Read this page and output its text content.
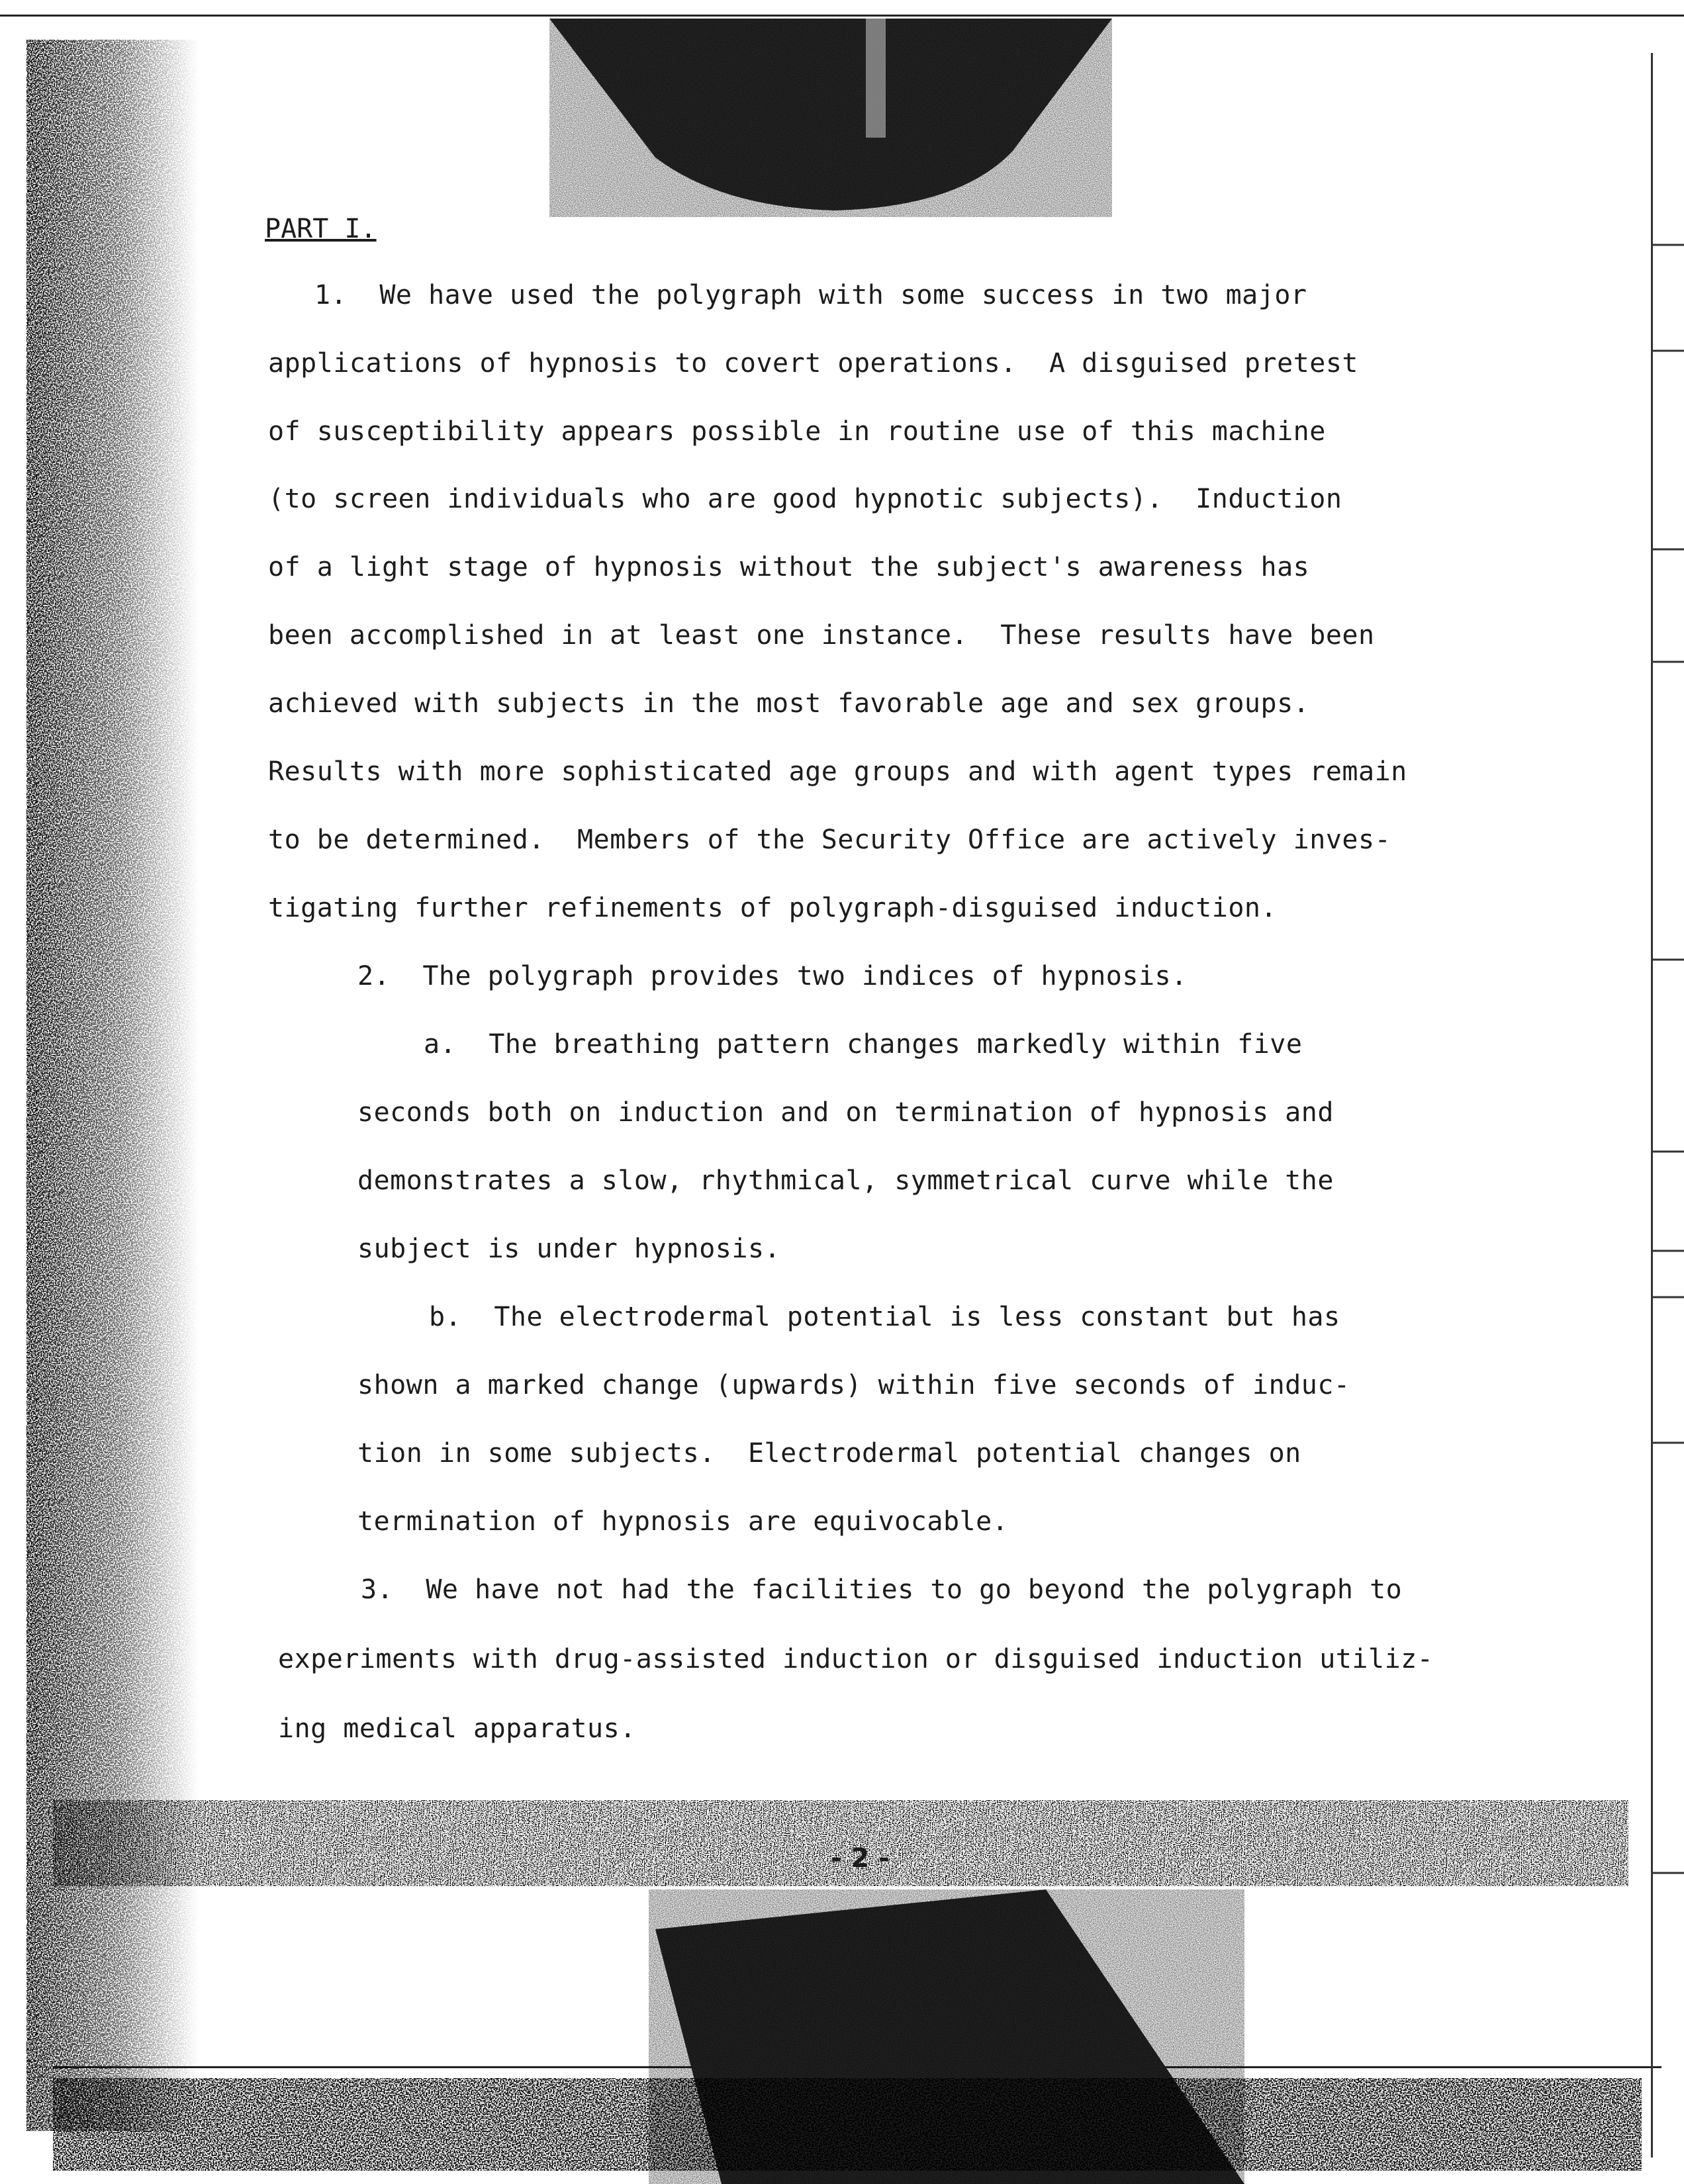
PART I.
1.  We have used the polygraph with some success in two major
applications of hypnosis to covert operations.  A disguised pretest
of susceptibility appears possible in routine use of this machine
(to screen individuals who are good hypnotic subjects).  Induction
of a light stage of hypnosis without the subject's awareness has
been accomplished in at least one instance.  These results have been
achieved with subjects in the most favorable age and sex groups.
Results with more sophisticated age groups and with agent types remain
to be determined.  Members of the Security Office are actively inves-
tigating further refinements of polygraph-disguised induction.
2.  The polygraph provides two indices of hypnosis.
a.  The breathing pattern changes markedly within five
seconds both on induction and on termination of hypnosis and
demonstrates a slow, rhythmical, symmetrical curve while the
subject is under hypnosis.
b.  The electrodermal potential is less constant but has
shown a marked change (upwards) within five seconds of induc-
tion in some subjects.  Electrodermal potential changes on
termination of hypnosis are equivocable.
3.  We have not had the facilities to go beyond the polygraph to
experiments with drug-assisted induction or disguised induction utiliz-
ing medical apparatus.
- 2 -
